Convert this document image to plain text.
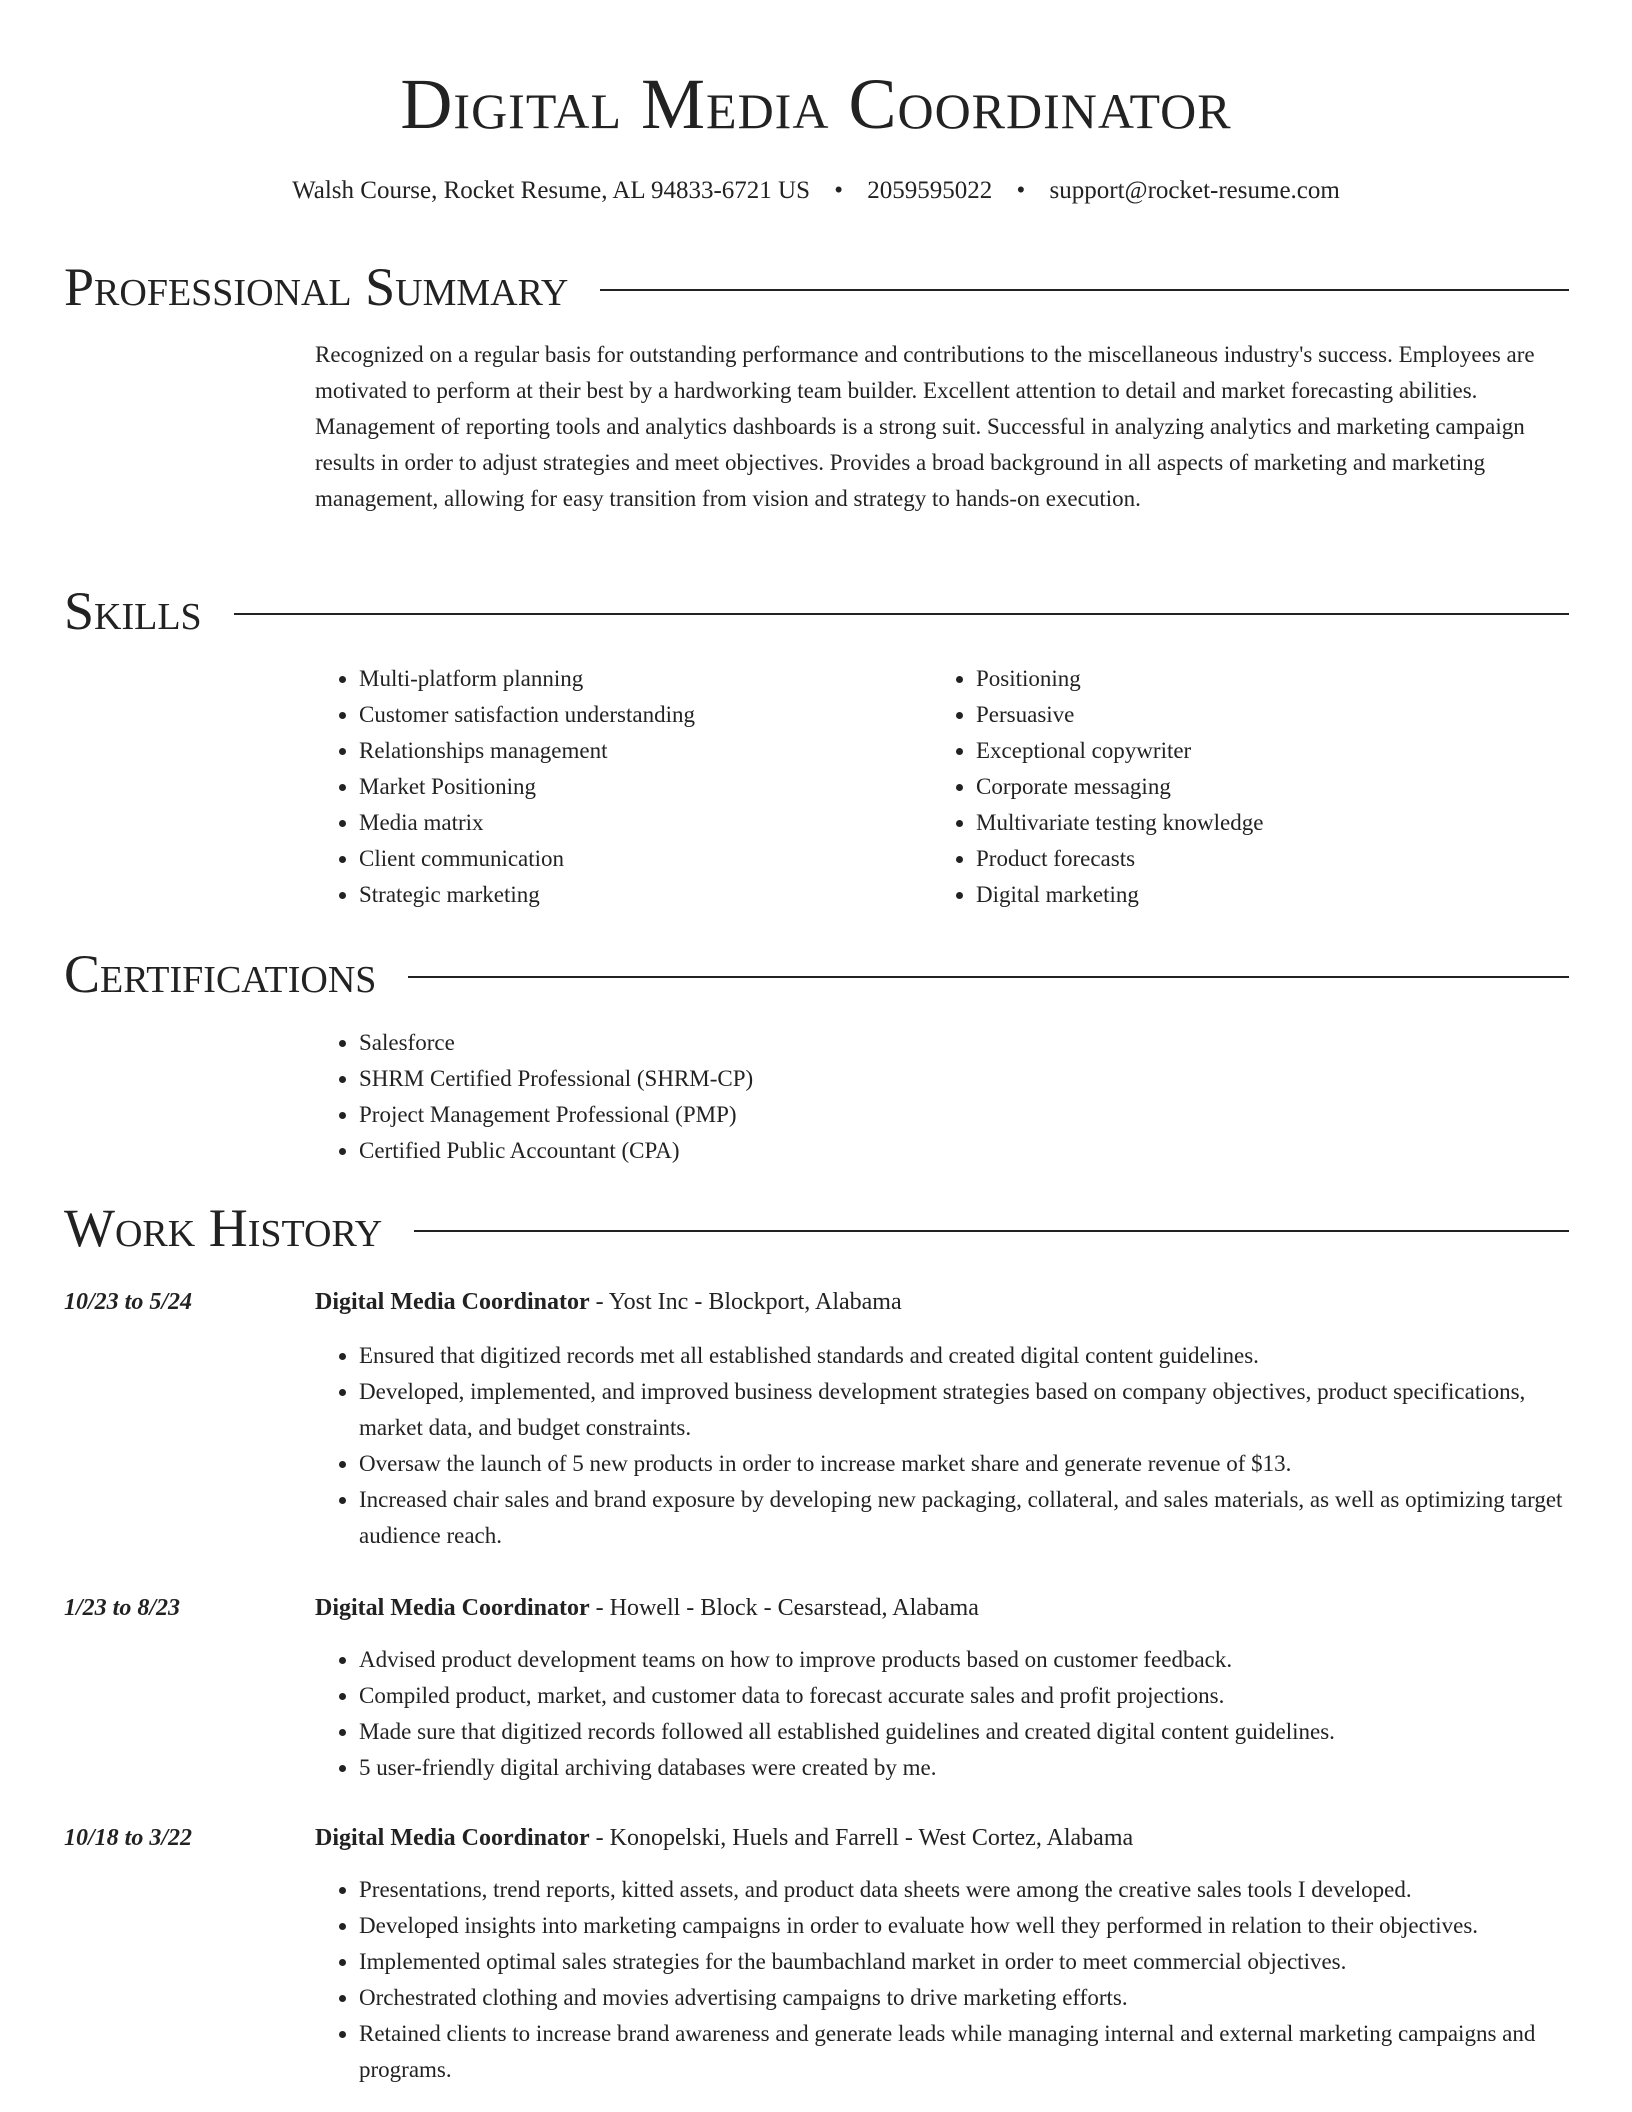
Digital Media Coordinator
Walsh Course, Rocket Resume, AL 94833-6721 US • 2059595022 • support@rocket-resume.com
Professional Summary

Recognized on a regular basis for outstanding performance and contributions to the miscellaneous industry's success. Employees are motivated to perform at their best by a hardworking team builder. Excellent attention to detail and market forecasting abilities. Management of reporting tools and analytics dashboards is a strong suit. Successful in analyzing analytics and marketing campaign results in order to adjust strategies and meet objectives. Provides a broad background in all aspects of marketing and marketing management, allowing for easy transition from vision and strategy to hands-on execution.

Skills
• Multi-platform planning
• Customer satisfaction understanding
• Relationships management
• Market Positioning
• Media matrix
• Client communication
• Strategic marketing
• Positioning
• Persuasive
• Exceptional copywriter
• Corporate messaging
• Multivariate testing knowledge
• Product forecasts
• Digital marketing
Certifications
• Salesforce
• SHRM Certified Professional (SHRM-CP)
• Project Management Professional (PMP)
• Certified Public Accountant (CPA)
Work History
10/23 to 5/24	Digital Media Coordinator - Yost Inc - Blockport, Alabama
• Ensured that digitized records met all established standards and created digital content guidelines.
• Developed, implemented, and improved business development strategies based on company objectives, product specifications, market data, and budget constraints.
• Oversaw the launch of 5 new products in order to increase market share and generate revenue of $13.
• Increased chair sales and brand exposure by developing new packaging, collateral, and sales materials, as well as optimizing target audience reach.
1/23 to 8/23	Digital Media Coordinator - Howell - Block - Cesarstead, Alabama
• Advised product development teams on how to improve products based on customer feedback.
• Compiled product, market, and customer data to forecast accurate sales and profit projections.
• Made sure that digitized records followed all established guidelines and created digital content guidelines.
• 5 user-friendly digital archiving databases were created by me.
10/18 to 3/22	Digital Media Coordinator - Konopelski, Huels and Farrell - West Cortez, Alabama
• Presentations, trend reports, kitted assets, and product data sheets were among the creative sales tools I developed.
• Developed insights into marketing campaigns in order to evaluate how well they performed in relation to their objectives.
• Implemented optimal sales strategies for the baumbachland market in order to meet commercial objectives.
• Orchestrated clothing and movies advertising campaigns to drive marketing efforts.
• Retained clients to increase brand awareness and generate leads while managing internal and external marketing campaigns and programs.
